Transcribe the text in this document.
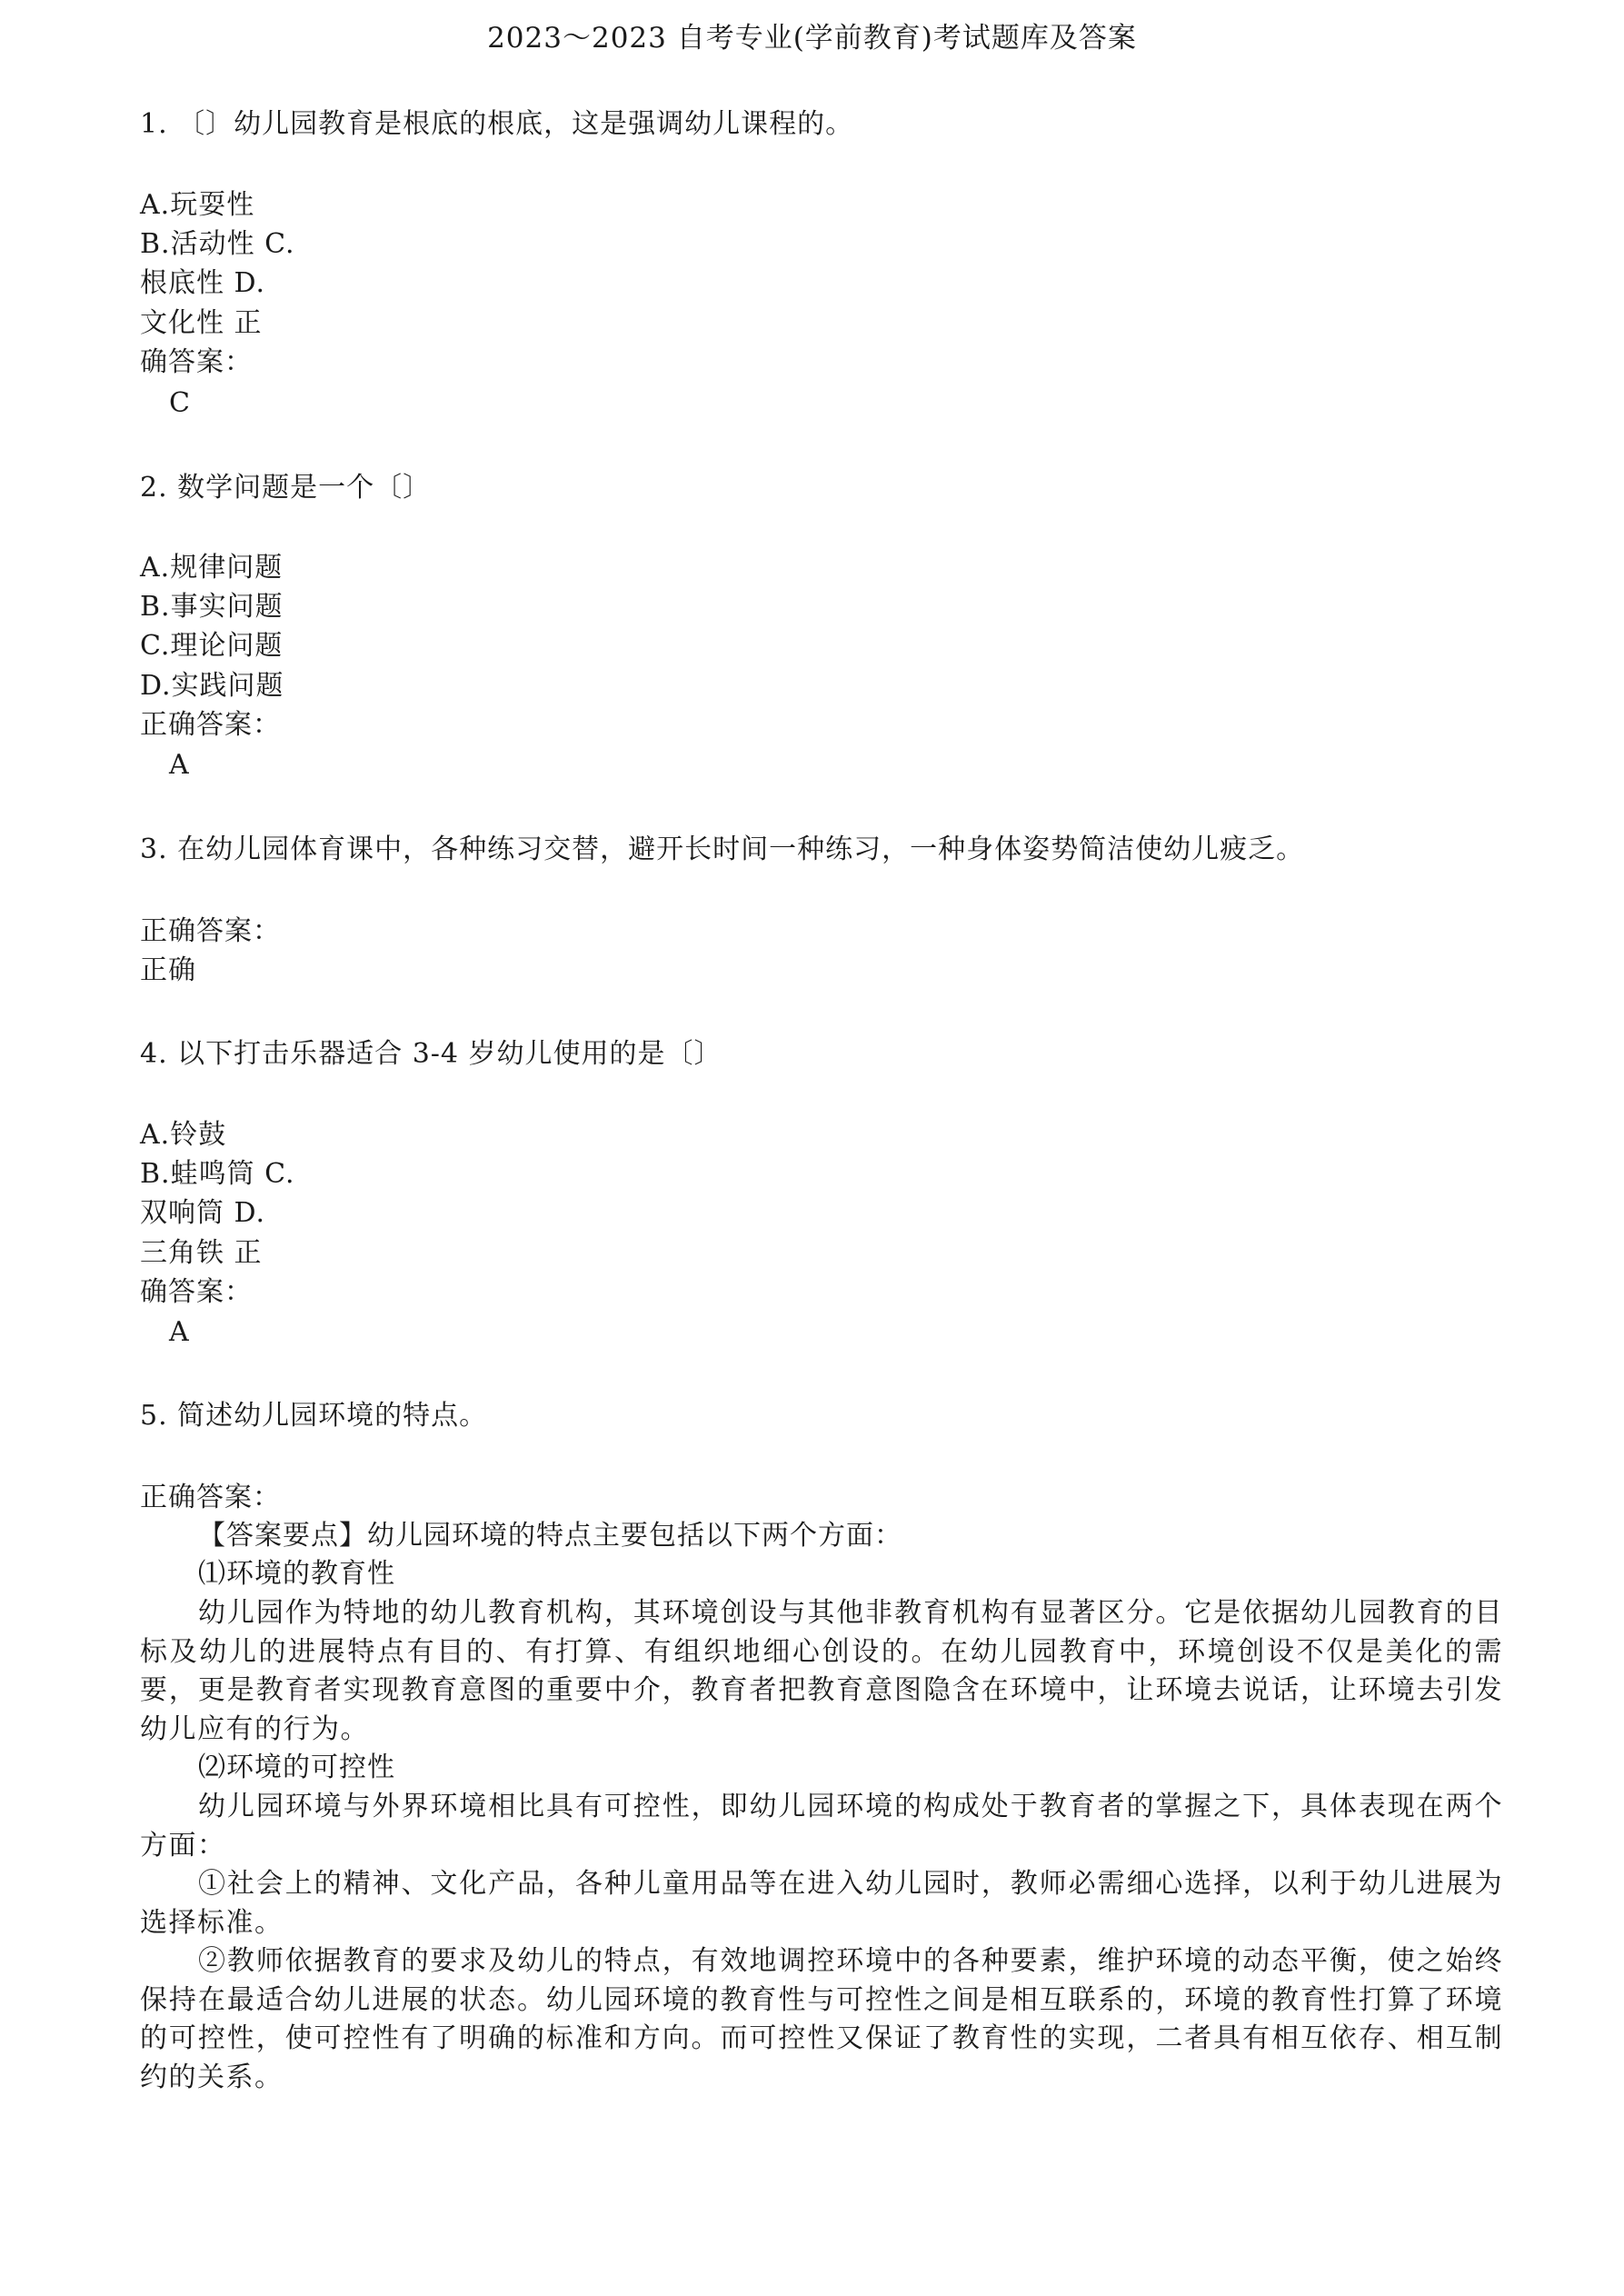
2023～2023 自考专业(学前教育)考试题库及答案
1. 〔〕幼儿园教育是根底的根底，这是强调幼儿课程的。
A.玩耍性
B.活动性 C.
根底性 D.
文化性 正
确答案：
C
2. 数学问题是一个〔〕
A.规律问题
B.事实问题
C.理论问题
D.实践问题
正确答案：
A
3. 在幼儿园体育课中，各种练习交替，避开长时间一种练习，一种身体姿势简洁使幼儿疲乏。
正确答案：
正确
4. 以下打击乐器适合 3-4 岁幼儿使用的是〔〕
A.铃鼓
B.蛙鸣筒 C.
双响筒 D.
三角铁 正
确答案：
A
5. 简述幼儿园环境的特点。
正确答案：
【答案要点】幼儿园环境的特点主要包括以下两个方面：
⑴环境的教育性
幼儿园作为特地的幼儿教育机构，其环境创设与其他非教育机构有显著区分。它是依据幼儿园教育的目标及幼儿的进展特点有目的、有打算、有组织地细心创设的。在幼儿园教育中，环境创设不仅是美化的需要，更是教育者实现教育意图的重要中介，教育者把教育意图隐含在环境中，让环境去说话，让环境去引发幼儿应有的行为。
⑵环境的可控性
幼儿园环境与外界环境相比具有可控性，即幼儿园环境的构成处于教育者的掌握之下，具体表现在两个方面：
①社会上的精神、文化产品，各种儿童用品等在进入幼儿园时，教师必需细心选择，以利于幼儿进展为选择标准。
②教师依据教育的要求及幼儿的特点，有效地调控环境中的各种要素，维护环境的动态平衡，使之始终保持在最适合幼儿进展的状态。幼儿园环境的教育性与可控性之间是相互联系的，环境的教育性打算了环境的可控性，使可控性有了明确的标准和方向。而可控性又保证了教育性的实现，二者具有相互依存、相互制约的关系。
